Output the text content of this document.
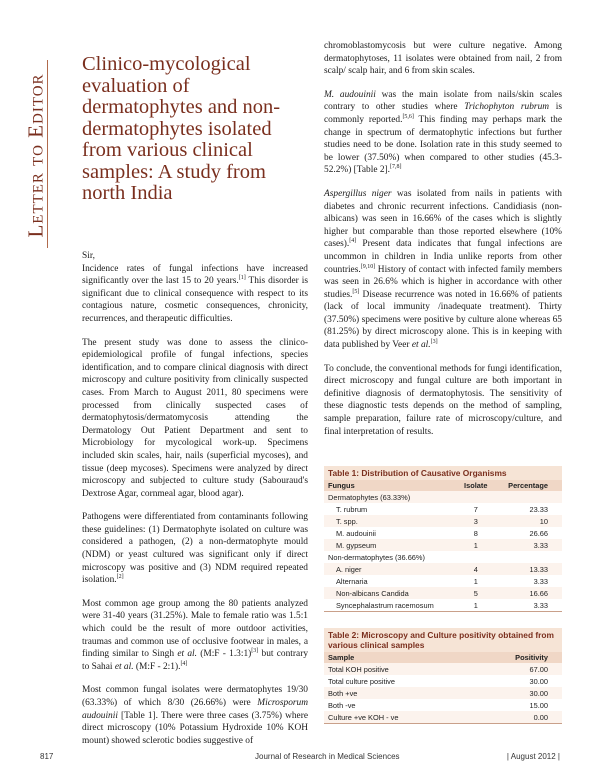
Letter to Editor
Clinico-mycological evaluation of dermatophytes and non-dermatophytes isolated from various clinical samples: A study from north India

Sir,

Incidence rates of fungal infections have increased significantly over the last 15 to 20 years.[1] This disorder is significant due to clinical consequence with respect to its contagious nature, cosmetic consequences, chronicity, recurrences, and therapeutic difficulties.

The present study was done to assess the clinico-epidemiological profile of fungal infections, species identification, and to compare clinical diagnosis with direct microscopy and culture positivity from clinically suspected cases. From March to August 2011, 80 specimens were processed from clinically suspected cases of dermatophytosis/dermatomycosis attending the Dermatology Out Patient Department and sent to Microbiology for mycological work-up. Specimens included skin scales, hair, nails (superficial mycoses), and tissue (deep mycoses). Specimens were analyzed by direct microscopy and subjected to culture study (Sabouraud's Dextrose Agar, cornmeal agar, blood agar).

Pathogens were differentiated from contaminants following these guidelines: (1) Dermatophyte isolated on culture was considered a pathogen, (2) a non-dermatophyte mould (NDM) or yeast cultured was significant only if direct microscopy was positive and (3) NDM required repeated isolation.[2]

Most common age group among the 80 patients analyzed were 31-40 years (31.25%). Male to female ratio was 1.5:1 which could be the result of more outdoor activities, traumas and common use of occlusive footwear in males, a finding similar to Singh et al. (M:F - 1.3:1)[3] but contrary to Sahai et al. (M:F - 2:1).[4]

Most common fungal isolates were dermatophytes 19/30 (63.33%) of which 8/30 (26.66%) were Microsporum audouinii [Table 1]. There were three cases (3.75%) where direct microscopy (10% Potassium Hydroxide 10% KOH mount) showed sclerotic bodies suggestive of

chromoblastomycosis but were culture negative. Among dermatophytoses, 11 isolates were obtained from nail, 2 from scalp/ scalp hair, and 6 from skin scales.

M. audouinii was the main isolate from nails/skin scales contrary to other studies where Trichophyton rubrum is commonly reported.[5,6] This finding may perhaps mark the change in spectrum of dermatophytic infections but further studies need to be done. Isolation rate in this study seemed to be lower (37.50%) when compared to other studies (45.3-52.2%) [Table 2].[7,8]

Aspergillus niger was isolated from nails in patients with diabetes and chronic recurrent infections. Candidiasis (non-albicans) was seen in 16.66% of the cases which is slightly higher but comparable than those reported elsewhere (10% cases).[4] Present data indicates that fungal infections are uncommon in children in India unlike reports from other countries.[9,10] History of contact with infected family members was seen in 26.6% which is higher in accordance with other studies.[5] Disease recurrence was noted in 16.66% of patients (lack of local immunity /inadequate treatment). Thirty (37.50%) specimens were positive by culture alone whereas 65 (81.25%) by direct microscopy alone. This is in keeping with data published by Veer et al.[3]

To conclude, the conventional methods for fungi identification, direct microscopy and fungal culture are both important in definitive diagnosis of dermatophytosis. The sensitivity of these diagnostic tests depends on the method of sampling, sample preparation, failure rate of microscopy/culture, and final interpretation of results.

Table 1: Distribution of Causative Organisms
Fungus	Isolate	Percentage
Dermatophytes (63.33%)		
T. rubrum	7	23.33
T. spp.	3	10
M. audouinii	8	26.66
M. gypseum	1	3.33
Non-dermatophytes (36.66%)		
A. niger	4	13.33
Alternaria	1	3.33
Non-albicans Candida	5	16.66
Syncephalastrum racemosum	1	3.33
Table 2: Microscopy and Culture positivity obtained from various clinical samples
Sample	Positivity
Total KOH positive	67.00
Total culture positive	30.00
Both +ve	30.00
Both -ve	15.00
Culture +ve KOH - ve	0.00
817	Journal of Research in Medical Sciences	| August 2012 |
